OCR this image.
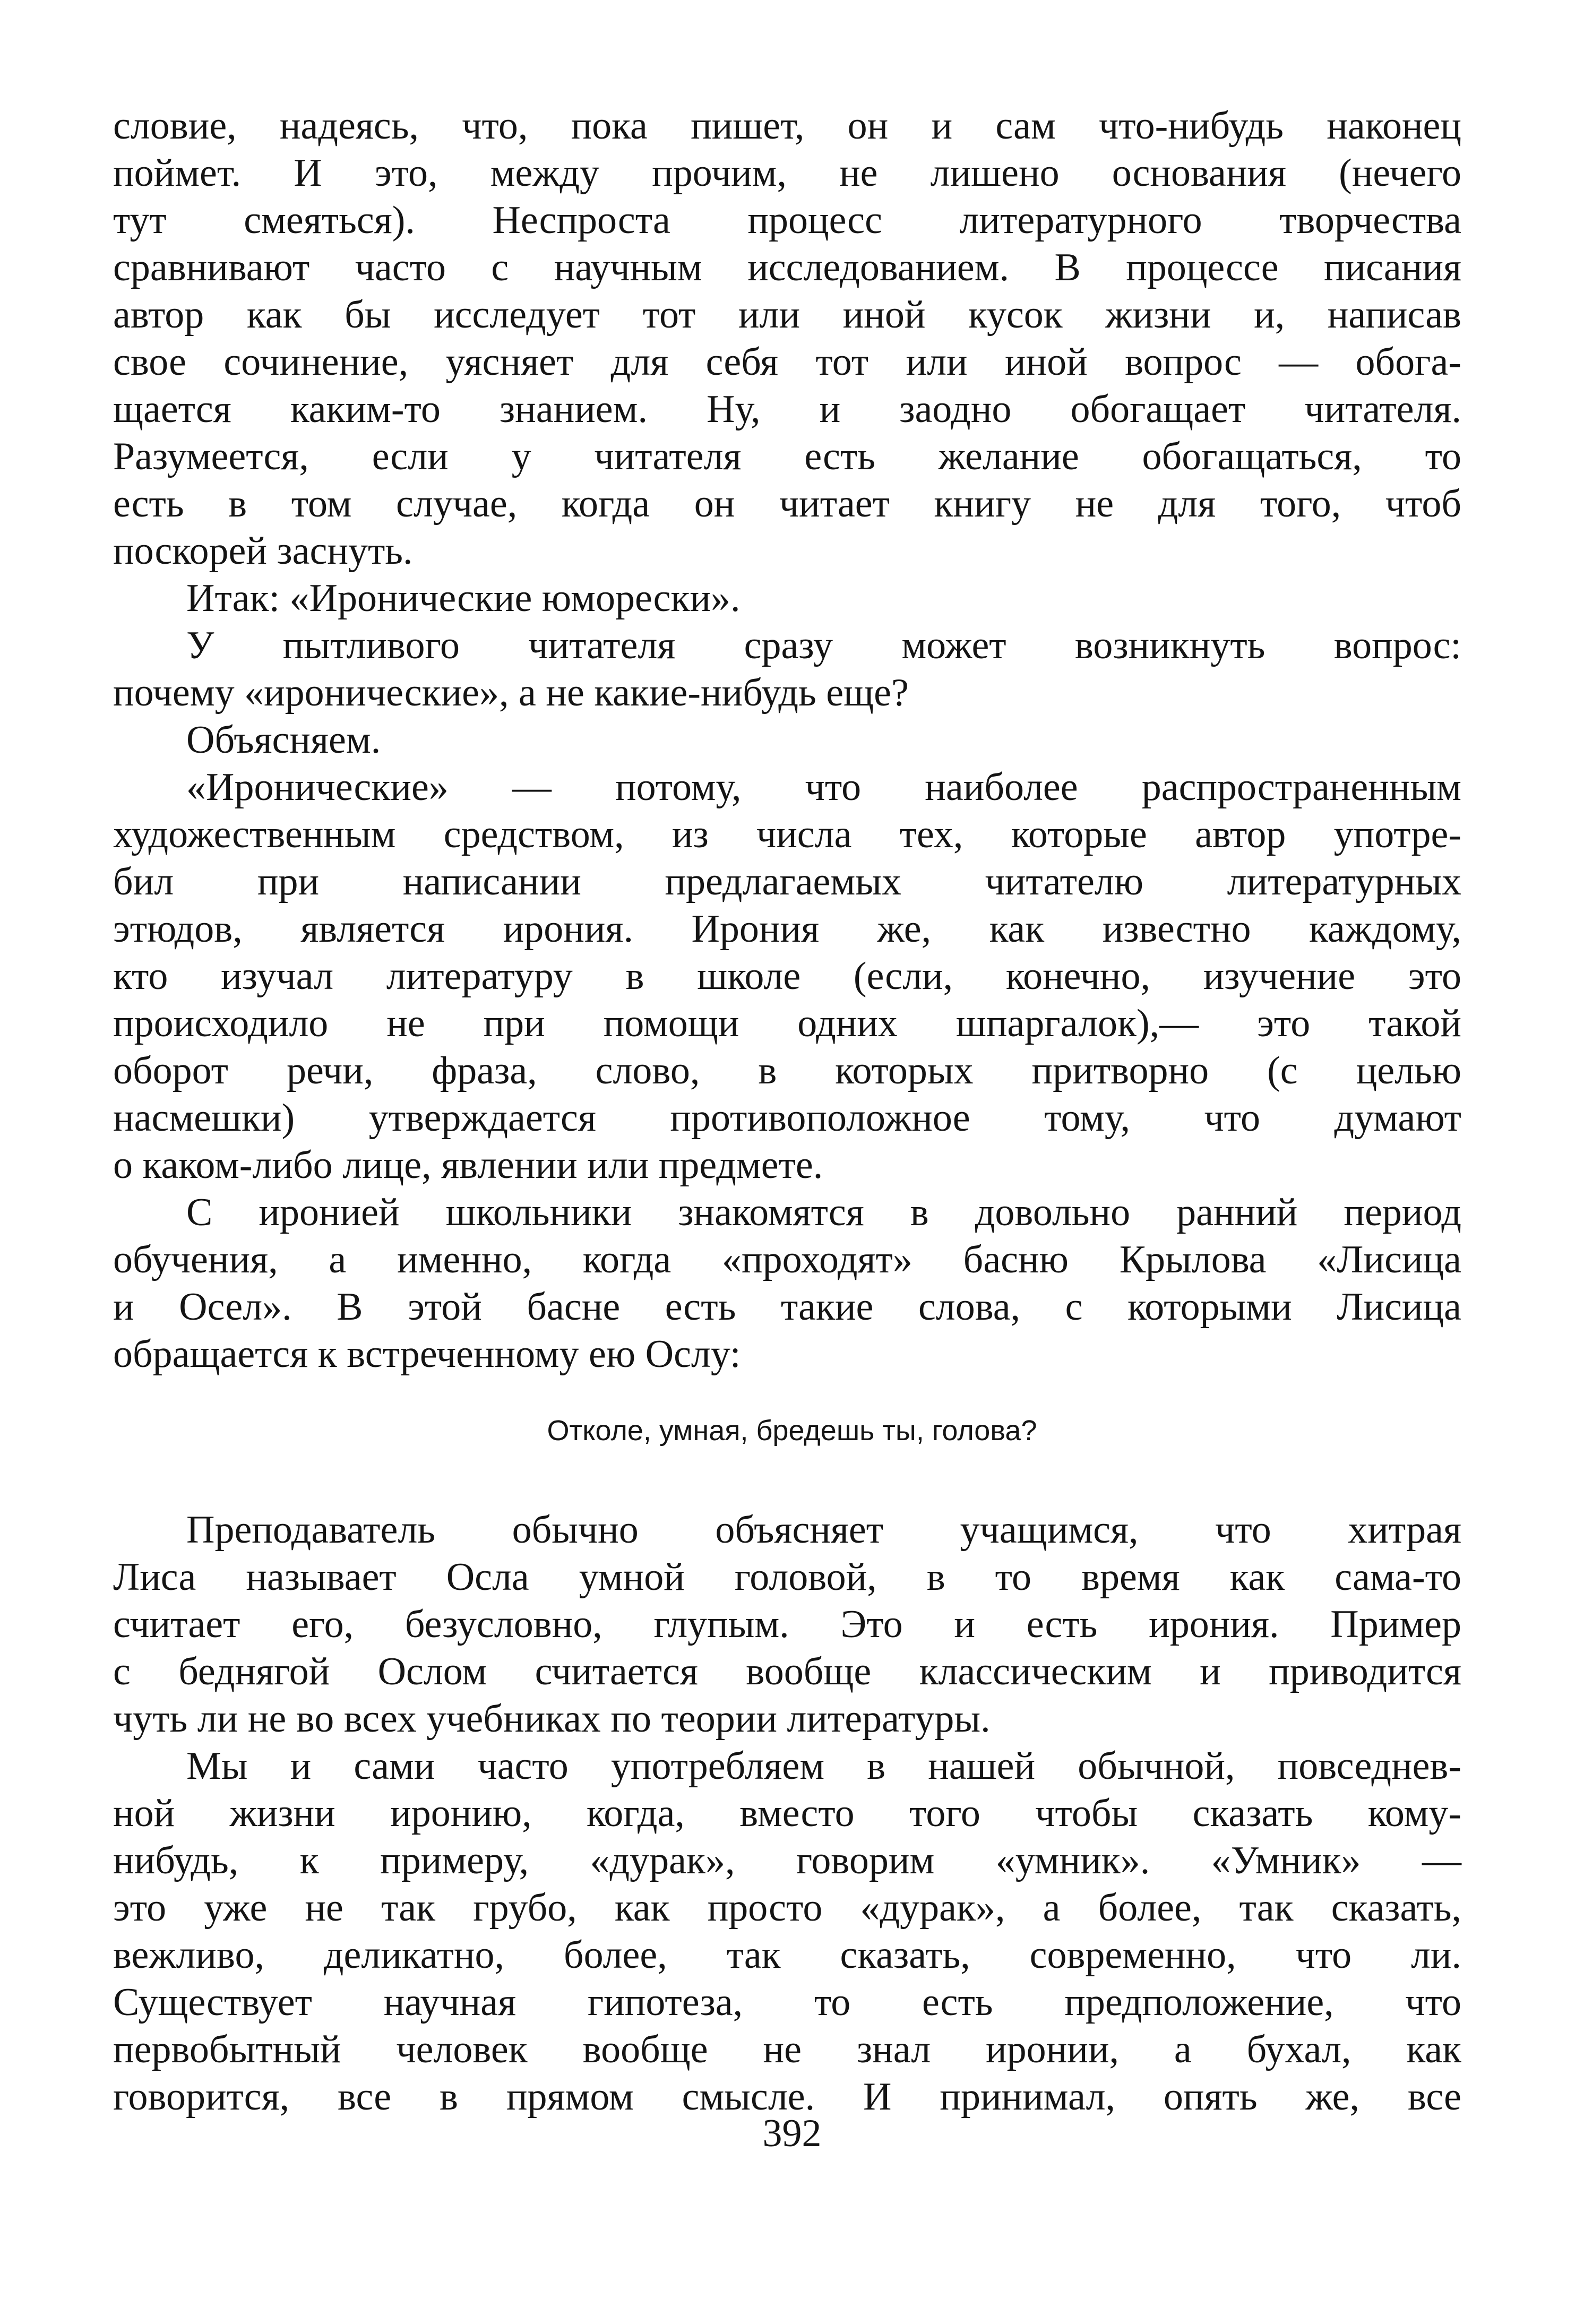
словие, надеясь, что, пока пишет, он и сам что-нибудь наконец
поймет. И это, между прочим, не лишено основания (нечего
тут смеяться). Неспроста процесс литературного творчества
сравнивают часто с научным исследованием. В процессе писания
автор как бы исследует тот или иной кусок жизни и, написав
свое сочинение, уясняет для себя тот или иной вопрос — обога-
щается каким-то знанием. Ну, и заодно обогащает читателя.
Разумеется, если у читателя есть желание обогащаться, то
есть в том случае, когда он читает книгу не для того, чтоб
поскорей заснуть.
Итак: «Иронические юморески».
У пытливого читателя сразу может возникнуть вопрос:
почему «иронические», а не какие-нибудь еще?
Объясняем.
«Иронические» — потому, что наиболее распространенным
художественным средством, из числа тех, которые автор употре-
бил при написании предлагаемых читателю литературных
этюдов, является ирония. Ирония же, как известно каждому,
кто изучал литературу в школе (если, конечно, изучение это
происходило не при помощи одних шпаргалок),— это такой
оборот речи, фраза, слово, в которых притворно (с целью
насмешки) утверждается противоположное тому, что думают
о каком-либо лице, явлении или предмете.
С иронией школьники знакомятся в довольно ранний период
обучения, а именно, когда «проходят» басню Крылова «Лисица
и Осел». В этой басне есть такие слова, с которыми Лисица
обращается к встреченному ею Ослу:
Отколе, умная, бредешь ты, голова?
Преподаватель обычно объясняет учащимся, что хитрая
Лиса называет Осла умной головой, в то время как сама-то
считает его, безусловно, глупым. Это и есть ирония. Пример
с беднягой Ослом считается вообще классическим и приводится
чуть ли не во всех учебниках по теории литературы.
Мы и сами часто употребляем в нашей обычной, повседнев-
ной жизни иронию, когда, вместо того чтобы сказать кому-
нибудь, к примеру, «дурак», говорим «умник». «Умник» —
это уже не так грубо, как просто «дурак», а более, так сказать,
вежливо, деликатно, более, так сказать, современно, что ли.
Существует научная гипотеза, то есть предположение, что
первобытный человек вообще не знал иронии, а бухал, как
говорится, все в прямом смысле. И принимал, опять же, все
392
